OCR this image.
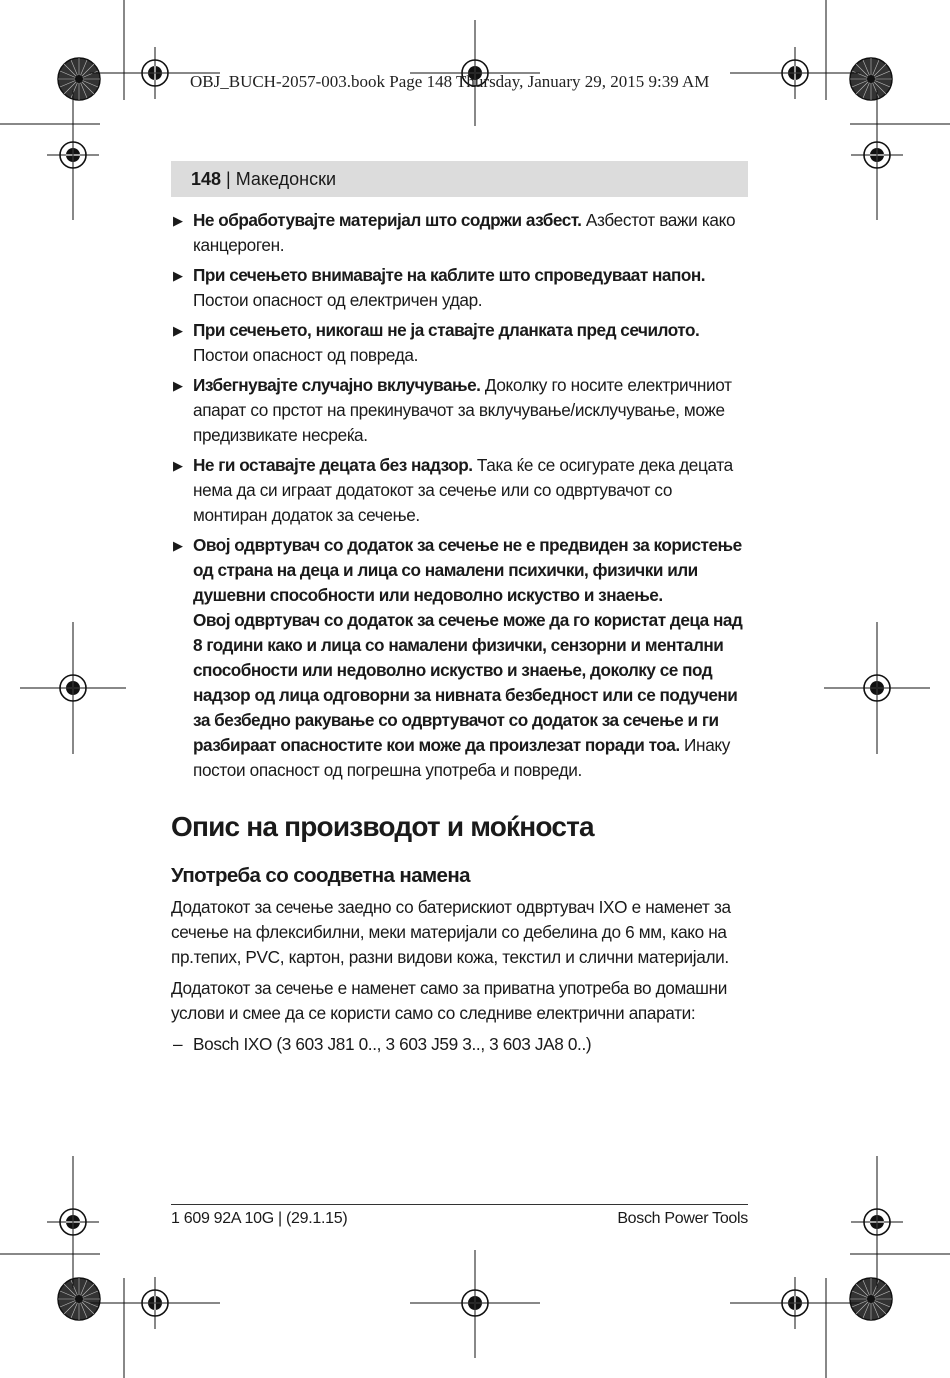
OBJ_BUCH-2057-003.book Page 148 Thursday, January 29, 2015 9:39 AM
148 | Македонски
▶ Не обработувајте материјал што содржи азбест. Азбестот важи како канцероген.
▶ При сечењето внимавајте на каблите што спроведуваат напон. Постои опасност од електричен удар.
▶ При сечењето, никогаш не ја ставајте дланката пред сечилото. Постои опасност од повреда.
▶ Избегнувајте случајно вклучување. Доколку го носите електричниот апарат со прстот на прекинувачот за вклучување/исклучување, може предизвикате несреќа.
▶ Не ги оставајте децата без надзор. Така ќе се осигурате дека децата нема да си играат додатокот за сечење или со одвртувачот со монтиран додаток за сечење.
▶ Овој одвртувач со додаток за сечење не е предвиден за користење од страна на деца и лица со намалени психички, физички или душевни способности или недоволно искуство и знаење.
Овој одвртувач со додаток за сечење може да го користат деца над 8 години како и лица со намалени физички, сензорни и ментални способности или недоволно искуство и знаење, доколку се под надзор од лица одговорни за нивната безбедност или се подучени за безбедно ракување со одвртувачот со додаток за сечење и ги разбираат опасностите кои може да произлезат поради тоа. Инаку постои опасност од погрешна употреба и повреди.
Опис на производот и моќноста
Употреба со соодветна намена
Додатокот за сечење заедно со батерискиот одвртувач IXO е наменет за сечење на флексибилни, меки материјали со дебелина до 6 мм, како на пр.тепих, PVC, картон, разни видови кожа, текстил и слични материјали.
Додатокот за сечење е наменет само за приватна употреба во домашни услови и смее да се користи само со следниве електрични апарати:
– Bosch IXO (3 603 J81 0.., 3 603 J59 3.., 3 603 JA8 0..)
1 609 92A 10G | (29.1.15)	Bosch Power Tools
